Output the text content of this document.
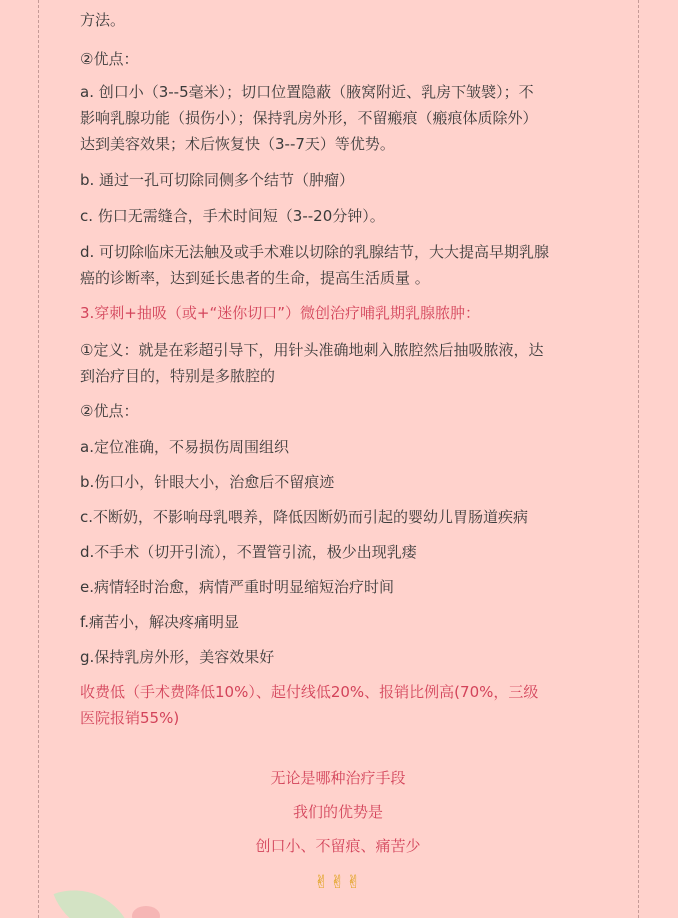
方法。
②优点：
a. 创口小（3--5毫米）；切口位置隐蔽（腋窝附近、乳房下皱襞）；不
影响乳腺功能（损伤小）；保持乳房外形，不留瘢痕（瘢痕体质除外）
达到美容效果；术后恢复快（3--7天）等优势。
b. 通过一孔可切除同侧多个结节（肿瘤）
c. 伤口无需缝合，手术时间短（3--20分钟）。
d. 可切除临床无法触及或手术难以切除的乳腺结节，大大提高早期乳腺
癌的诊断率，达到延长患者的生命，提高生活质量 。
3.穿刺+抽吸（或+“迷你切口”）微创治疗哺乳期乳腺脓肿：
①定义：就是在彩超引导下，用针头准确地刺入脓腔然后抽吸脓液，达
到治疗目的，特别是多脓腔的
②优点：
a.定位准确，不易损伤周围组织
b.伤口小，针眼大小，治愈后不留痕迹
c.不断奶，不影响母乳喂养，降低因断奶而引起的婴幼儿胃肠道疾病
d.不手术（切开引流），不置管引流，极少出现乳瘘
e.病情轻时治愈，病情严重时明显缩短治疗时间
f.痛苦小，解决疼痛明显
g.保持乳房外形，美容效果好
收费低（手术费降低10%）、起付线低20%、报销比例高(70%，三级
医院报销55%)
无论是哪种治疗手段
我们的优势是
创口小、不留痕、痛苦少
✌✌✌
